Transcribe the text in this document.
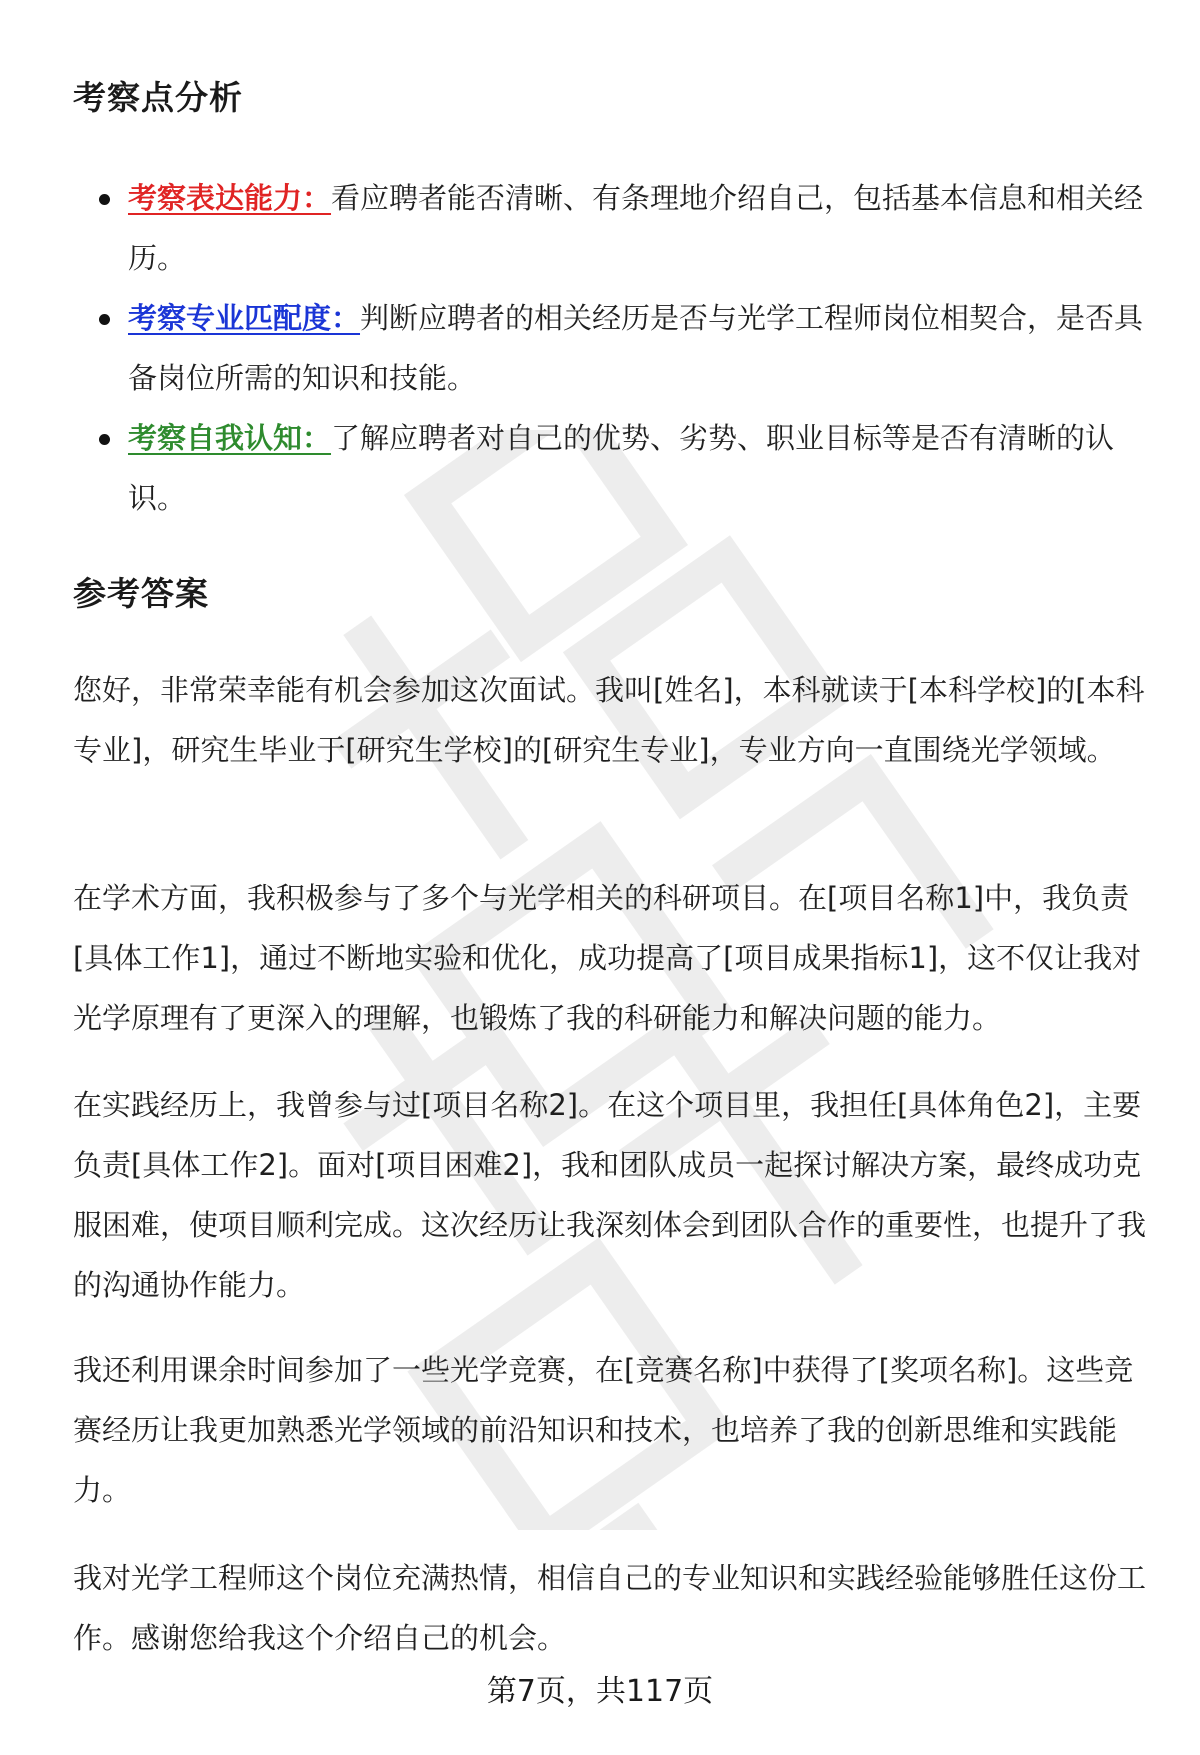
考察点分析
考察表达能力：看应聘者能否清晰、有条理地介绍自己，包括基本信息和相关经历。
考察专业匹配度：判断应聘者的相关经历是否与光学工程师岗位相契合，是否具备岗位所需的知识和技能。
考察自我认知：了解应聘者对自己的优势、劣势、职业目标等是否有清晰的认识。
参考答案

您好，非常荣幸能有机会参加这次面试。我叫[姓名]，本科就读于[本科学校]的[本科专业]，研究生毕业于[研究生学校]的[研究生专业]，专业方向一直围绕光学领域。

在学术方面，我积极参与了多个与光学相关的科研项目。在[项目名称1]中，我负责[具体工作1]，通过不断地实验和优化，成功提高了[项目成果指标1]，这不仅让我对光学原理有了更深入的理解，也锻炼了我的科研能力和解决问题的能力。

在实践经历上，我曾参与过[项目名称2]。在这个项目里，我担任[具体角色2]，主要负责[具体工作2]。面对[项目困难2]，我和团队成员一起探讨解决方案，最终成功克服困难，使项目顺利完成。这次经历让我深刻体会到团队合作的重要性，也提升了我的沟通协作能力。

我还利用课余时间参加了一些光学竞赛，在[竞赛名称]中获得了[奖项名称]。这些竞赛经历让我更加熟悉光学领域的前沿知识和技术，也培养了我的创新思维和实践能力。

我对光学工程师这个岗位充满热情，相信自己的专业知识和实践经验能够胜任这份工作。感谢您给我这个介绍自己的机会。

第7页，共117页
